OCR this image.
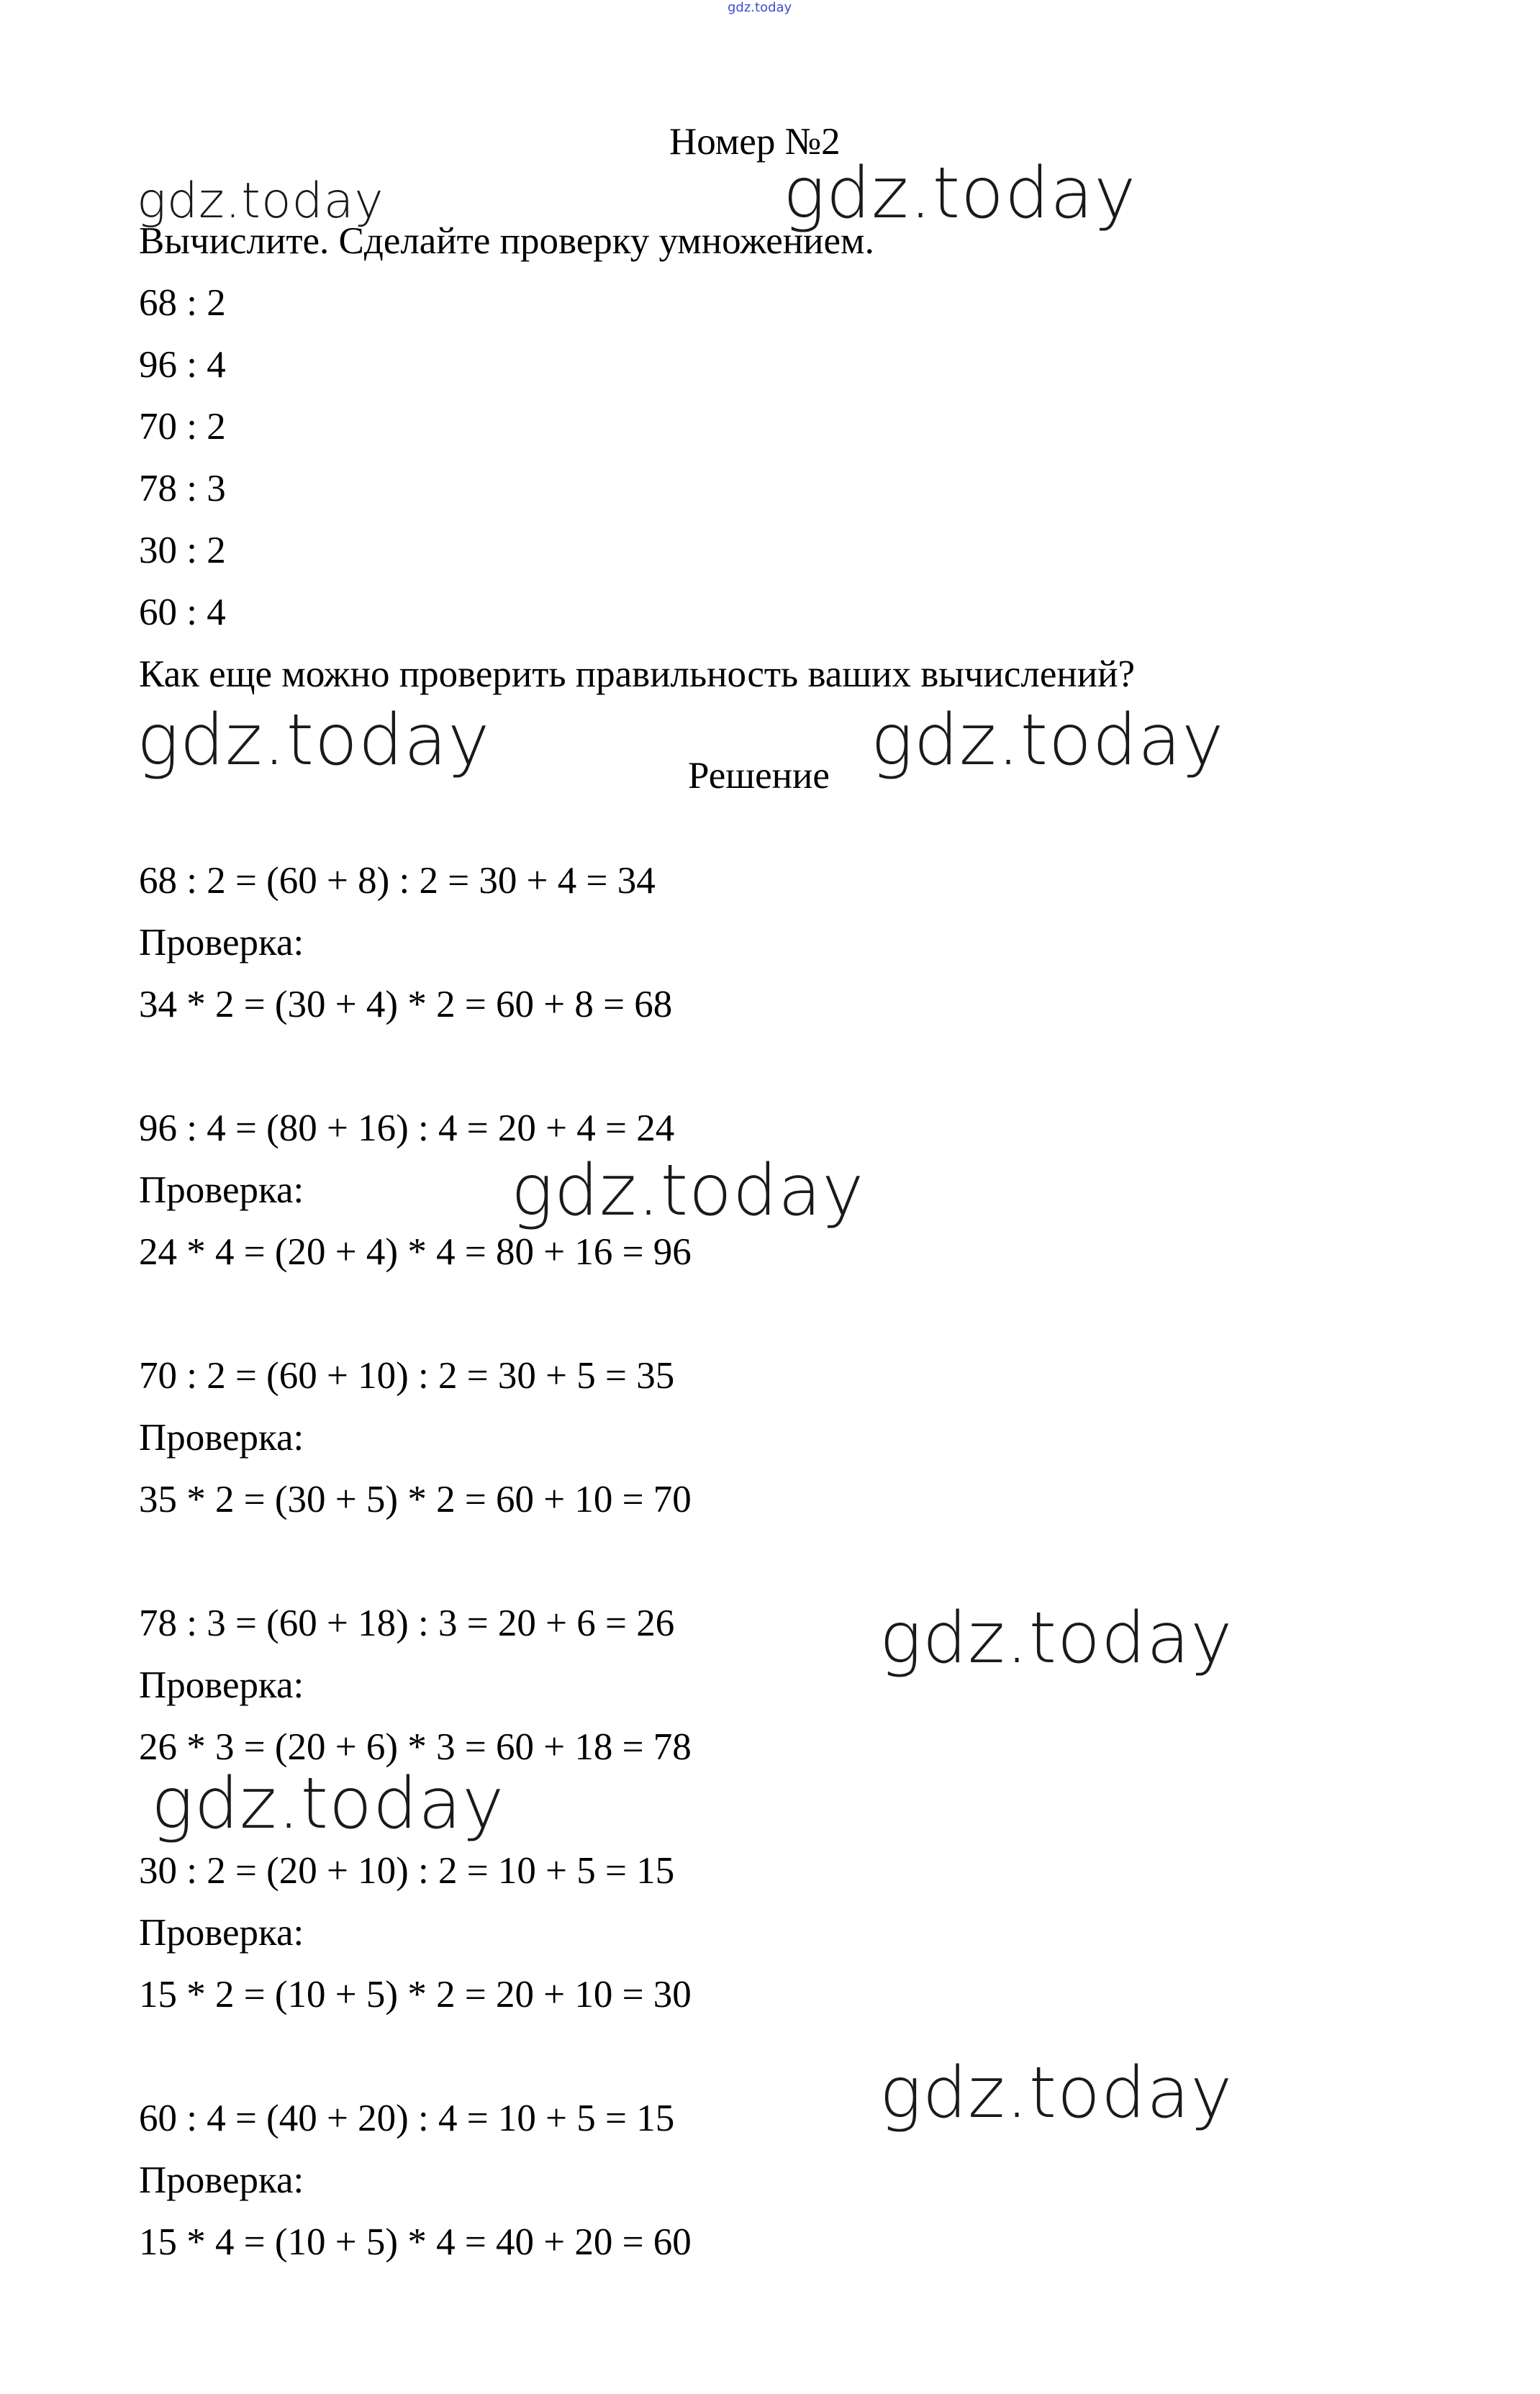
gdz.today
Номер №2
gdz.today	gdz.today
Вычислите. Сделайте проверку умножением.
68 : 2
96 : 4
70 : 2
78 : 3
30 : 2
60 : 4
Как еще можно проверить правильность ваших вычислений?
gdz.today	Решение gdz.today
68 : 2 = (60 + 8) : 2 = 30 + 4 = 34
Проверка:
34 * 2 = (30 + 4) * 2 = 60 + 8 = 68
96 : 4 = (80 + 16) : 4 = 20 + 4 = 24
Проверка:	gdz.today
24 * 4 = (20 + 4) * 4 = 80 + 16 = 96
70 : 2 = (60 + 10) : 2 = 30 + 5 = 35
Проверка:
35 * 2 = (30 + 5) * 2 = 60 + 10 = 70
78 : 3 = (60 + 18) : 3 = 20 + 6 = 26	gdz.today
Проверка:
26 * 3 = (20 + 6) * 3 = 60 + 18 = 78
gdz.today
30 : 2 = (20 + 10) : 2 = 10 + 5 = 15
Проверка:
15 * 2 = (10 + 5) * 2 = 20 + 10 = 30
gdz.today
60 : 4 = (40 + 20) : 4 = 10 + 5 = 15
Проверка:
15 * 4 = (10 + 5) * 4 = 40 + 20 = 60
